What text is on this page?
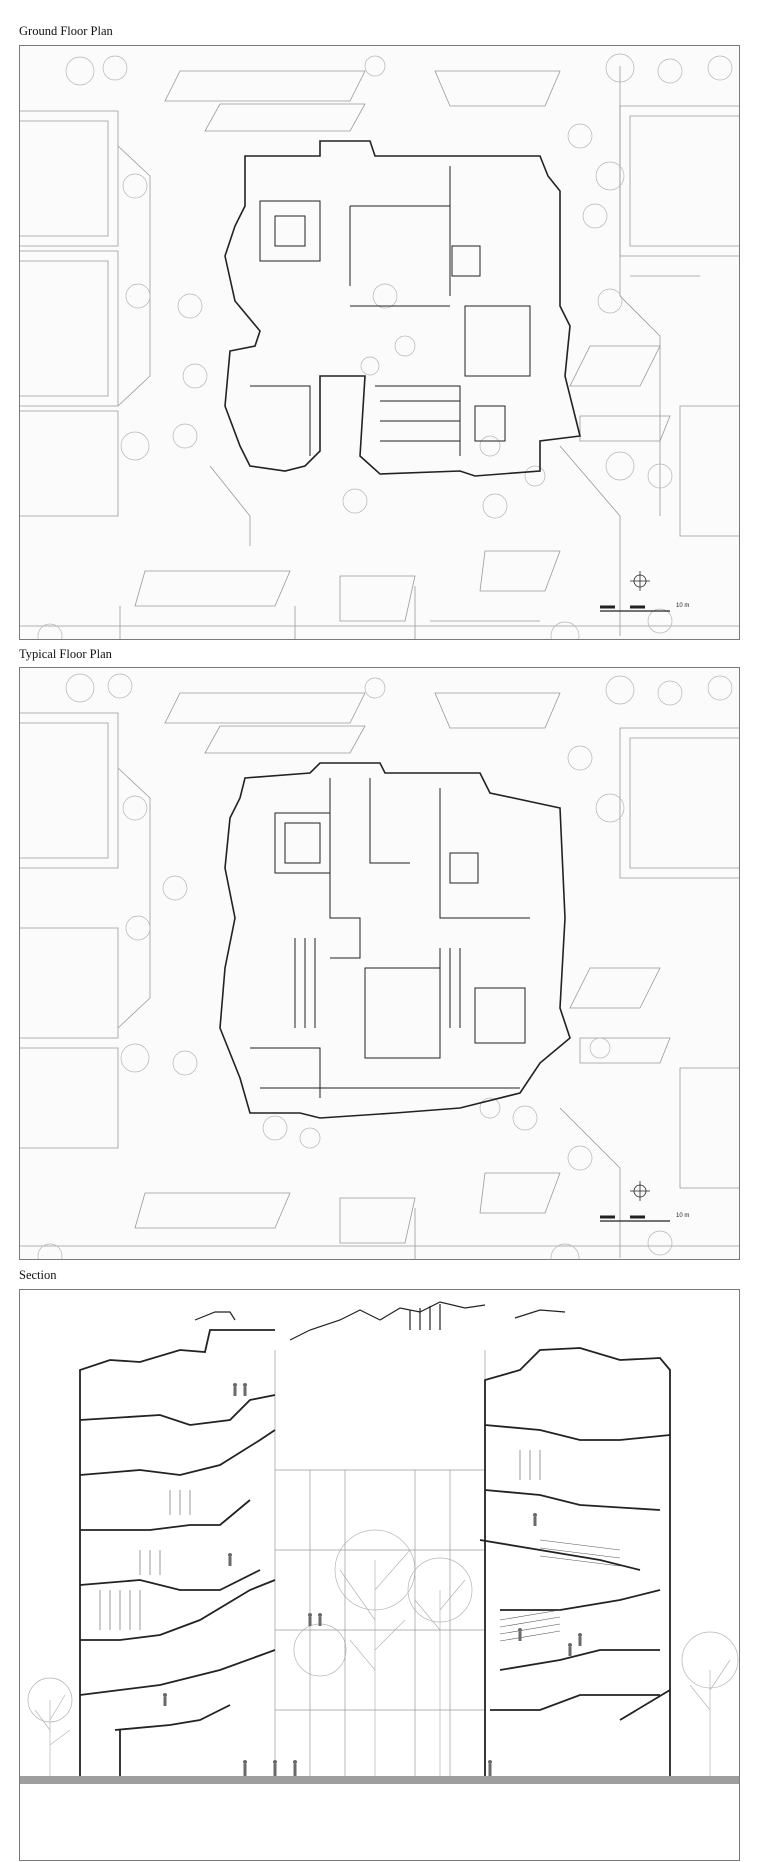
Ground Floor Plan
10 m
Typical Floor Plan
10 m
Section
